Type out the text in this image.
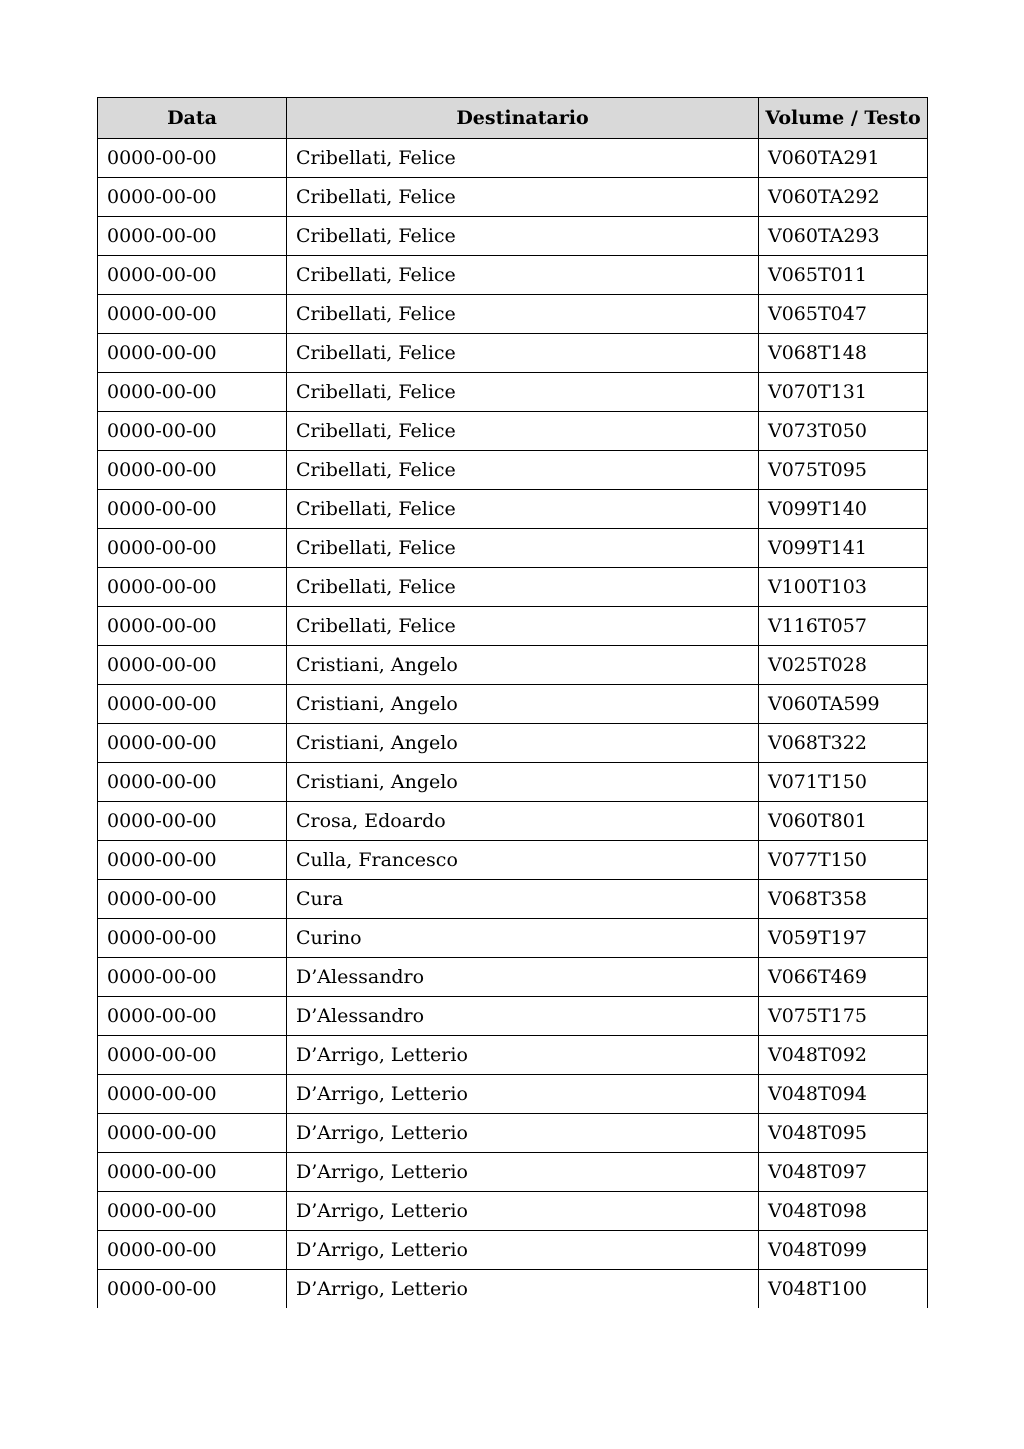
Data	Destinatario	Volume / Testo
0000-00-00	Cribellati, Felice	V060TA291
0000-00-00	Cribellati, Felice	V060TA292
0000-00-00	Cribellati, Felice	V060TA293
0000-00-00	Cribellati, Felice	V065T011
0000-00-00	Cribellati, Felice	V065T047
0000-00-00	Cribellati, Felice	V068T148
0000-00-00	Cribellati, Felice	V070T131
0000-00-00	Cribellati, Felice	V073T050
0000-00-00	Cribellati, Felice	V075T095
0000-00-00	Cribellati, Felice	V099T140
0000-00-00	Cribellati, Felice	V099T141
0000-00-00	Cribellati, Felice	V100T103
0000-00-00	Cribellati, Felice	V116T057
0000-00-00	Cristiani, Angelo	V025T028
0000-00-00	Cristiani, Angelo	V060TA599
0000-00-00	Cristiani, Angelo	V068T322
0000-00-00	Cristiani, Angelo	V071T150
0000-00-00	Crosa, Edoardo	V060T801
0000-00-00	Culla, Francesco	V077T150
0000-00-00	Cura	V068T358
0000-00-00	Curino	V059T197
0000-00-00	D’Alessandro	V066T469
0000-00-00	D’Alessandro	V075T175
0000-00-00	D’Arrigo, Letterio	V048T092
0000-00-00	D’Arrigo, Letterio	V048T094
0000-00-00	D’Arrigo, Letterio	V048T095
0000-00-00	D’Arrigo, Letterio	V048T097
0000-00-00	D’Arrigo, Letterio	V048T098
0000-00-00	D’Arrigo, Letterio	V048T099
0000-00-00	D’Arrigo, Letterio	V048T100
